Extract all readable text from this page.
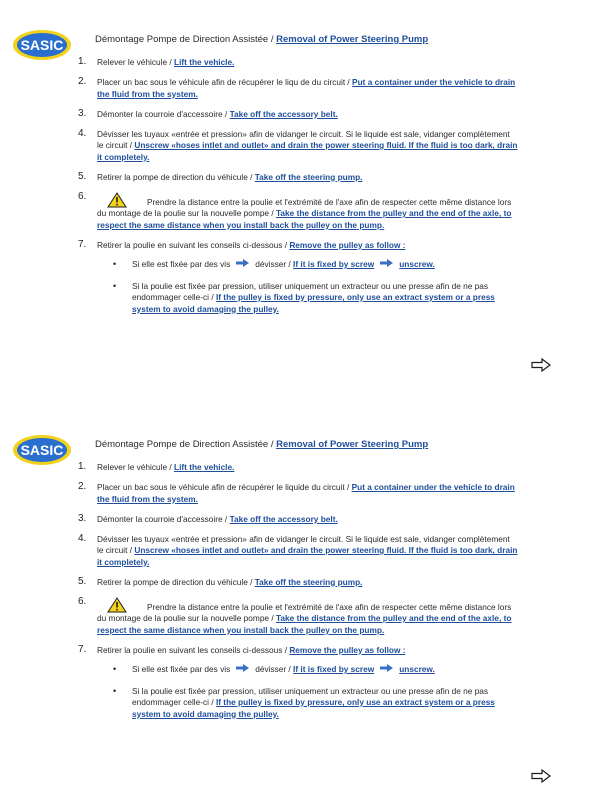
SASIC	Démontage Pompe de Direction Assistée / Removal of Power Steering Pump
1. Relever le véhicule / Lift the vehicle.
2. Placer un bac sous le véhicule afin de récupérer le liqu de du circuit / Put a container under the vehicle to drain the fluid from the system.
3. Démonter la courroie d'accessoire / Take off the accessory belt.
4. Dévisser les tuyaux «entrée et pression» afin de vidanger le circuit. Si le liquide est sale, vidanger complètement le circuit / Unscrew «hoses intlet and outlet» and drain the power steering fluid. If the fluid is too dark, drain it completely.
5. Retirer la pompe de direction du véhicule / Take off the steering pump.
6.	Prendre la distance entre la poulie et l'extrémité de l'axe afin de respecter cette même distance lors du montage de la poulie sur la nouvelle pompe / Take the distance from the pulley and the end of the axle, to respect the same distance when you install back the pulley on the pump.
7. Retirer la poulie en suivant les conseils ci-dessous / Remove the pulley as follow :
• Si elle est fixée par des vis	dévisser / If it is fixed by screw	unscrew.
• Si la poulie est fixée par pression, utiliser uniquement un extracteur ou une presse afin de ne pas endommager celle-ci / If the pulley is fixed by pressure, only use an extract system or a press system to avoid damaging the pulley.
SASIC	Démontage Pompe de Direction Assistée / Removal of Power Steering Pump
1. Relever le véhicule / Lift the vehicle.
2. Placer un bac sous le véhicule afin de récupérer le liquide du circuit / Put a container under the vehicle to drain the fluid from the system.
3. Démonter la courroie d'accessoire / Take off the accessory belt.
4. Dévisser les tuyaux «entrée et pression» afin de vidanger le circuit. Si le liquide est sale, vidanger complètement le circuit / Unscrew «hoses intlet and outlet» and drain the power steering fluid. If the fluid is too dark, drain it completely.
5. Retirer la pompe de direction du véhicule / Take off the steering pump.
6.	Prendre la distance entre la poulie et l'extrémité de l'axe afin de respecter cette même distance lors du montage de la poulie sur la nouvelle pompe / Take the distance from the pulley and the end of the axle, to respect the same distance when you install back the pulley on the pump.
7. Retirer la poulie en suivant les conseils ci-dessous / Remove the pulley as follow :
• Si elle est fixée par des vis	dévisser / If it is fixed by screw	unscrew.
• Si la poulie est fixée par pression, utiliser uniquement un extracteur ou une presse afin de ne pas endommager celle-ci / If the pulley is fixed by pressure, only use an extract system or a press system to avoid damaging the pulley.
